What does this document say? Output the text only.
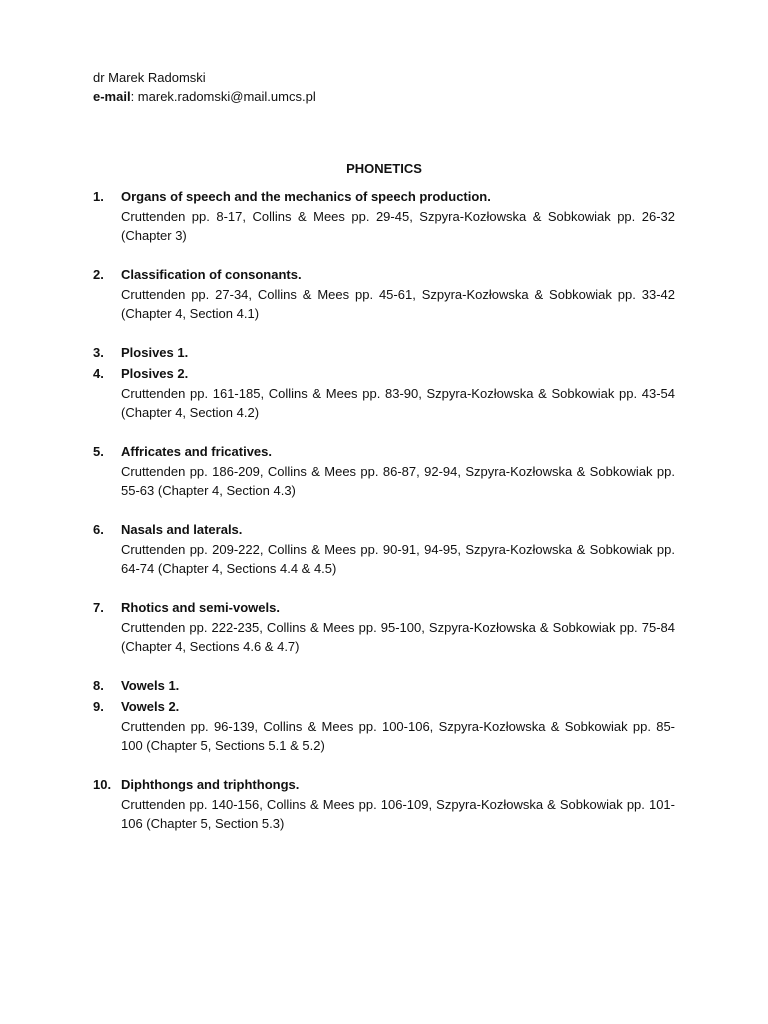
dr Marek Radomski
e-mail: marek.radomski@mail.umcs.pl
PHONETICS
1. Organs of speech and the mechanics of speech production.
Cruttenden pp. 8-17, Collins & Mees pp. 29-45, Szpyra-Kozłowska & Sobkowiak pp. 26-32 (Chapter 3)
2. Classification of consonants.
Cruttenden pp. 27-34, Collins & Mees pp. 45-61, Szpyra-Kozłowska & Sobkowiak pp. 33-42 (Chapter 4, Section 4.1)
3. Plosives 1.
4. Plosives 2.
Cruttenden pp. 161-185, Collins & Mees pp. 83-90, Szpyra-Kozłowska & Sobkowiak pp. 43-54 (Chapter 4, Section 4.2)
5. Affricates and fricatives.
Cruttenden pp. 186-209, Collins & Mees pp. 86-87, 92-94, Szpyra-Kozłowska & Sobkowiak pp. 55-63 (Chapter 4, Section 4.3)
6. Nasals and laterals.
Cruttenden pp. 209-222, Collins & Mees pp. 90-91, 94-95, Szpyra-Kozłowska & Sobkowiak pp. 64-74 (Chapter 4, Sections 4.4 & 4.5)
7. Rhotics and semi-vowels.
Cruttenden pp. 222-235, Collins & Mees pp. 95-100, Szpyra-Kozłowska & Sobkowiak pp. 75-84 (Chapter 4, Sections 4.6 & 4.7)
8. Vowels 1.
9. Vowels 2.
Cruttenden pp. 96-139, Collins & Mees pp. 100-106, Szpyra-Kozłowska & Sobkowiak pp. 85-100 (Chapter 5, Sections 5.1 & 5.2)
10. Diphthongs and triphthongs.
Cruttenden pp. 140-156, Collins & Mees pp. 106-109, Szpyra-Kozłowska & Sobkowiak pp. 101-106 (Chapter 5, Section 5.3)
